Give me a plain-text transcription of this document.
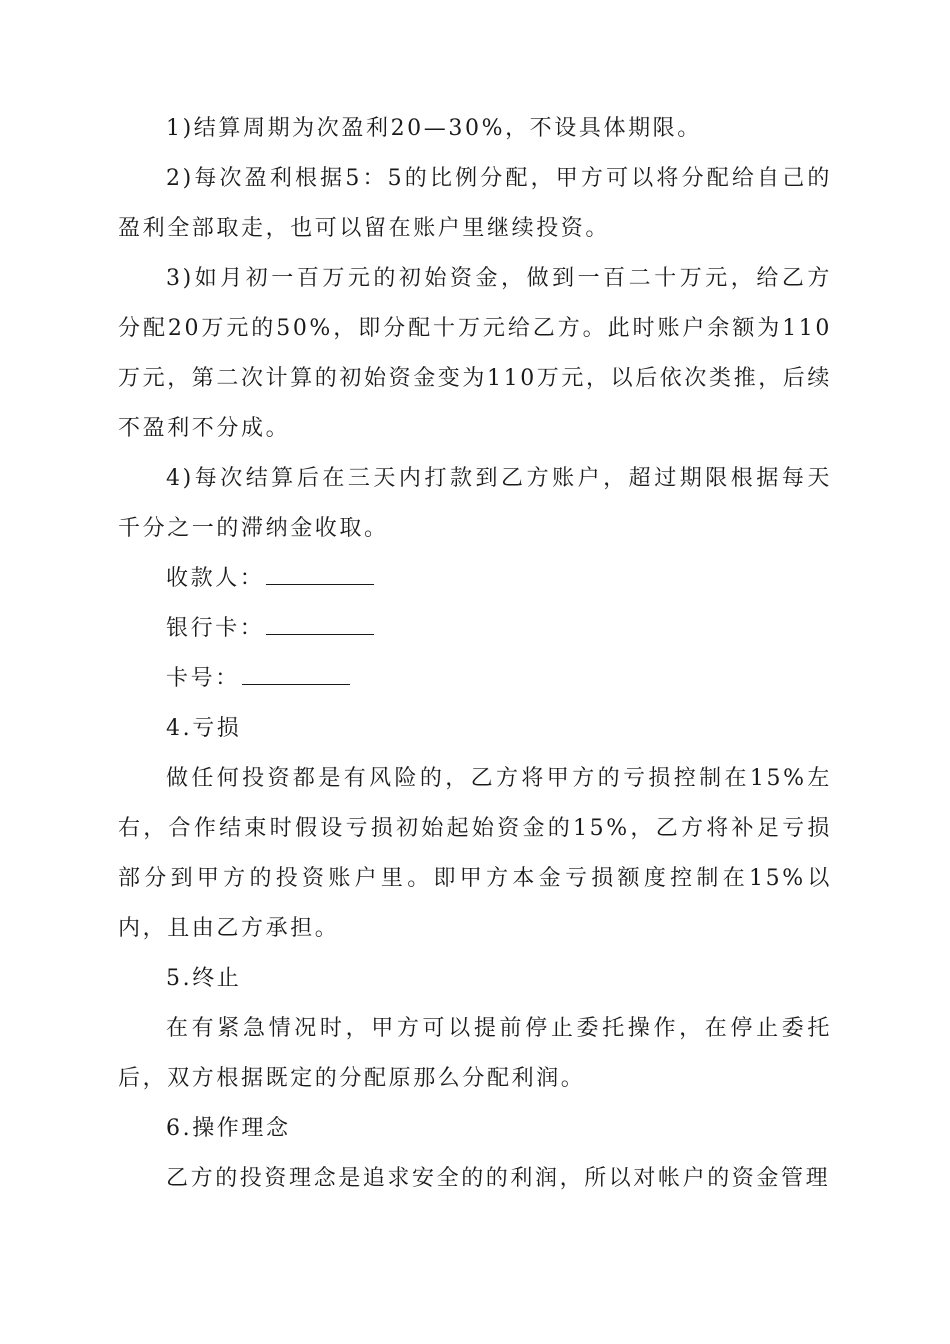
1)结算周期为次盈利20—30%，不设具体期限。

2)每次盈利根据5：5的比例分配，甲方可以将分配给自己的盈利全部取走，也可以留在账户里继续投资。

3)如月初一百万元的初始资金，做到一百二十万元，给乙方分配20万元的50%，即分配十万元给乙方。此时账户余额为110万元，第二次计算的初始资金变为110万元，以后依次类推，后续不盈利不分成。

4)每次结算后在三天内打款到乙方账户，超过期限根据每天千分之一的滞纳金收取。

收款人：

银行卡：

卡号：

4.亏损

做任何投资都是有风险的，乙方将甲方的亏损控制在15%左右，合作结束时假设亏损初始起始资金的15%，乙方将补足亏损部分到甲方的投资账户里。即甲方本金亏损额度控制在15%以内，且由乙方承担。

5.终止

在有紧急情况时，甲方可以提前停止委托操作，在停止委托后，双方根据既定的分配原那么分配利润。

6.操作理念

乙方的投资理念是追求安全的的利润，所以对帐户的资金管理
